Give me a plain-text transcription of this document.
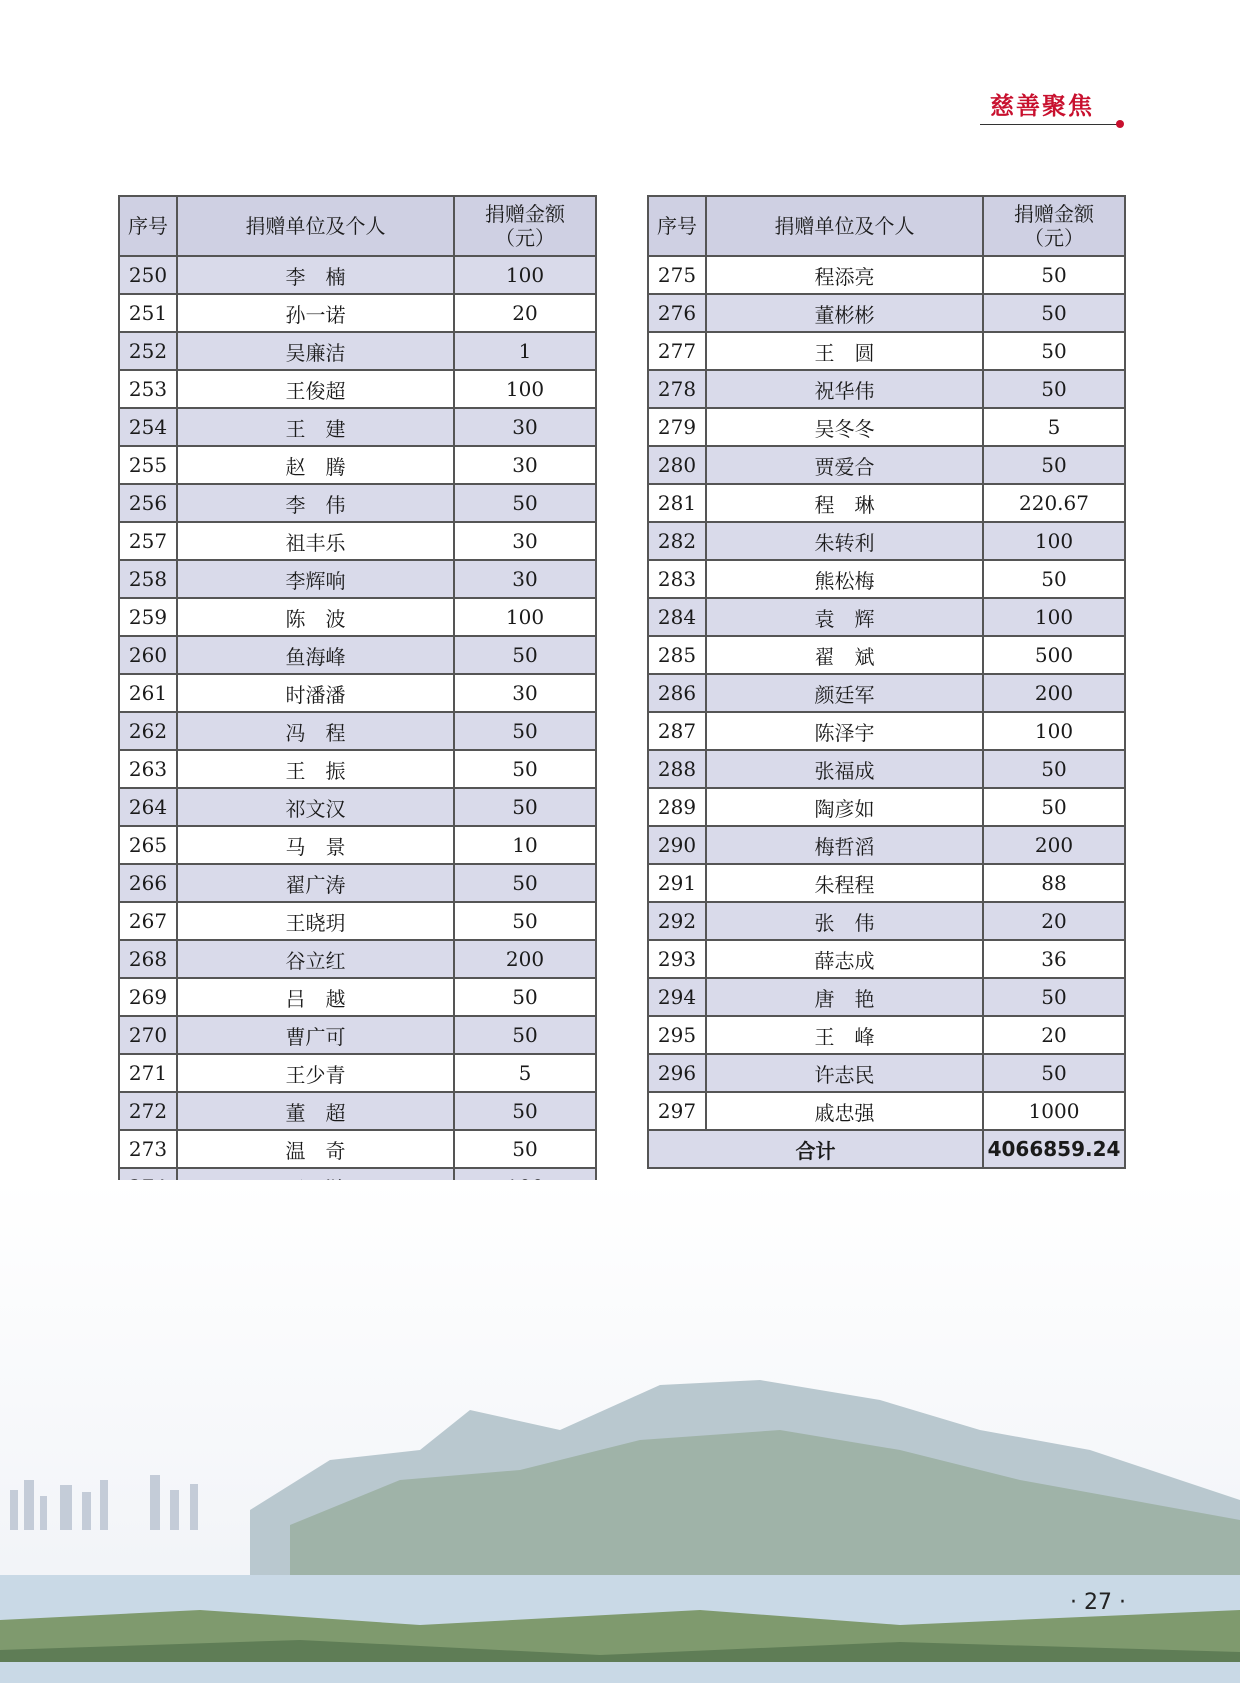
慈善聚焦
序号	捐赠单位及个人	捐赠金额
（元）
250	李　楠	100
251	孙一诺	20
252	吴廉洁	1
253	王俊超	100
254	王　建	30
255	赵　腾	30
256	李　伟	50
257	祖丰乐	30
258	李辉响	30
259	陈　波	100
260	鱼海峰	50
261	时潘潘	30
262	冯　程	50
263	王　振	50
264	祁文汉	50
265	马　景	10
266	翟广涛	50
267	王晓玥	50
268	谷立红	200
269	吕　越	50
270	曹广可	50
271	王少青	5
272	董　超	50
273	温　奇	50

序号	捐赠单位及个人	捐赠金额
（元）
275	程添亮	50
276	董彬彬	50
277	王　圆	50
278	祝华伟	50
279	吴冬冬	5
280	贾爱合	50
281	程　琳	220.67
282	朱转利	100
283	熊松梅	50
284	袁　辉	100
285	翟　斌	500
286	颜廷军	200
287	陈泽宇	100
288	张福成	50
289	陶彦如	50
290	梅哲滔	200
291	朱程程	88
292	张　伟	20
293	薛志成	36
294	唐　艳	50
295	王　峰	20
296	许志民	50
297	戚忠强	1000
合计		4066859.24
· 27 ·
